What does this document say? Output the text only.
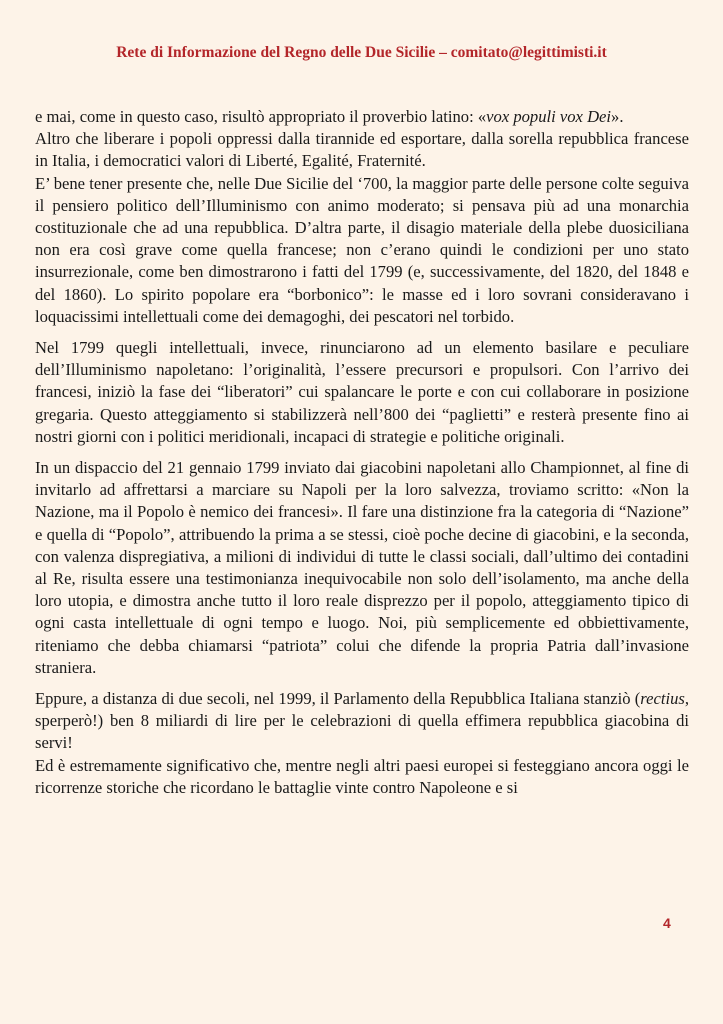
Rete di Informazione del Regno delle Due Sicilie – comitato@legittimisti.it

e mai, come in questo caso, risultò appropriato il proverbio latino: «vox populi vox Dei».

Altro che liberare i popoli oppressi dalla tirannide ed esportare, dalla sorella repubblica francese in Italia, i democratici valori di Liberté, Egalité, Fraternité.

E’ bene tener presente che, nelle Due Sicilie del ‘700, la maggior parte delle persone colte seguiva il pensiero politico dell’Illuminismo con animo moderato; si pensava più ad una monarchia costituzionale che ad una repubblica. D’altra parte, il disagio materiale della plebe duosiciliana non era così grave come quella francese; non c’erano quindi le condizioni per uno stato insurrezionale, come ben dimostrarono i fatti del 1799 (e, successivamente, del 1820, del 1848 e del 1860). Lo spirito popolare era “borbonico”: le masse ed i loro sovrani consideravano i loquacissimi intellettuali come dei demagoghi, dei pescatori nel torbido.

Nel 1799 quegli intellettuali, invece, rinunciarono ad un elemento basilare e peculiare dell’Illuminismo napoletano: l’originalità, l’essere precursori e propulsori. Con l’arrivo dei francesi, iniziò la fase dei “liberatori” cui spalancare le porte e con cui collaborare in posizione gregaria. Questo atteggiamento si stabilizzerà nell’800 dei “paglietti” e resterà presente fino ai nostri giorni con i politici meridionali, incapaci di strategie e politiche originali.

In un dispaccio del 21 gennaio 1799 inviato dai giacobini napoletani allo Championnet, al fine di invitarlo ad affrettarsi a marciare su Napoli per la loro salvezza, troviamo scritto: «Non la Nazione, ma il Popolo è nemico dei francesi». Il fare una distinzione fra la categoria di “Nazione” e quella di “Popolo”, attribuendo la prima a se stessi, cioè poche decine di giacobini, e la seconda, con valenza dispregiativa, a milioni di individui di tutte le classi sociali, dall’ultimo dei contadini al Re, risulta essere una testimonianza inequivocabile non solo dell’isolamento, ma anche della loro utopia, e dimostra anche tutto il loro reale disprezzo per il popolo, atteggiamento tipico di ogni casta intellettuale di ogni tempo e luogo. Noi, più semplicemente ed obbiettivamente, riteniamo che debba chiamarsi “patriota” colui che difende la propria Patria dall’invasione straniera.

Eppure, a distanza di due secoli, nel 1999, il Parlamento della Repubblica Italiana stanziò (rectius, sperperò!) ben 8 miliardi di lire per le celebrazioni di quella effimera repubblica giacobina di servi!

Ed è estremamente significativo che, mentre negli altri paesi europei si festeggiano ancora oggi le ricorrenze storiche che ricordano le battaglie vinte contro Napoleone e si

4
